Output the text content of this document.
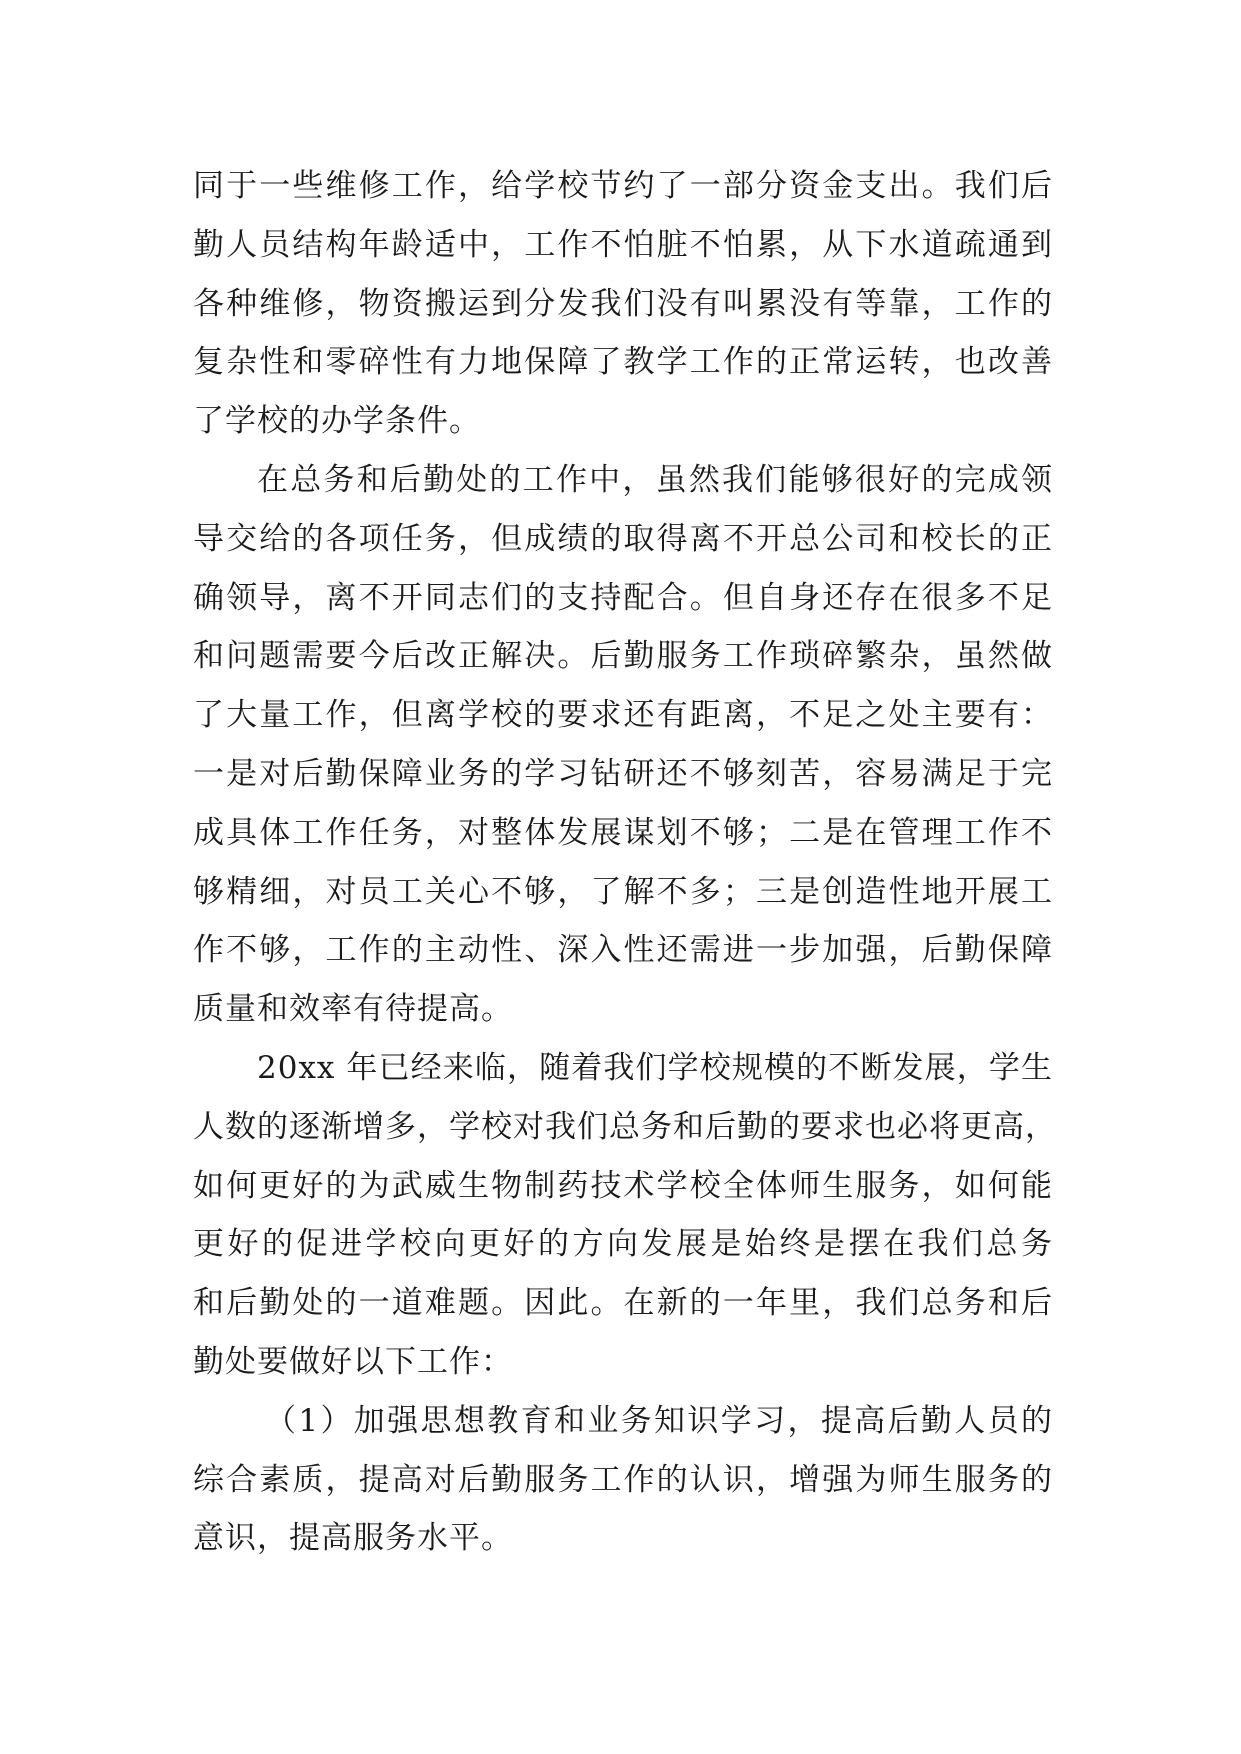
同于一些维修工作，给学校节约了一部分资金支出。我们后
勤人员结构年龄适中，工作不怕脏不怕累，从下水道疏通到
各种维修，物资搬运到分发我们没有叫累没有等靠，工作的
复杂性和零碎性有力地保障了教学工作的正常运转，也改善
了学校的办学条件。
在总务和后勤处的工作中，虽然我们能够很好的完成领
导交给的各项任务，但成绩的取得离不开总公司和校长的正
确领导，离不开同志们的支持配合。但自身还存在很多不足
和问题需要今后改正解决。后勤服务工作琐碎繁杂，虽然做
了大量工作，但离学校的要求还有距离，不足之处主要有：
一是对后勤保障业务的学习钻研还不够刻苦，容易满足于完
成具体工作任务，对整体发展谋划不够；二是在管理工作不
够精细，对员工关心不够，了解不多；三是创造性地开展工
作不够，工作的主动性、深入性还需进一步加强，后勤保障
质量和效率有待提高。
20xx 年已经来临，随着我们学校规模的不断发展，学生
人数的逐渐增多，学校对我们总务和后勤的要求也必将更高，
如何更好的为武威生物制药技术学校全体师生服务，如何能
更好的促进学校向更好的方向发展是始终是摆在我们总务
和后勤处的一道难题。因此。在新的一年里，我们总务和后
勤处要做好以下工作：
（1）加强思想教育和业务知识学习，提高后勤人员的
综合素质，提高对后勤服务工作的认识，增强为师生服务的
意识，提高服务水平。
